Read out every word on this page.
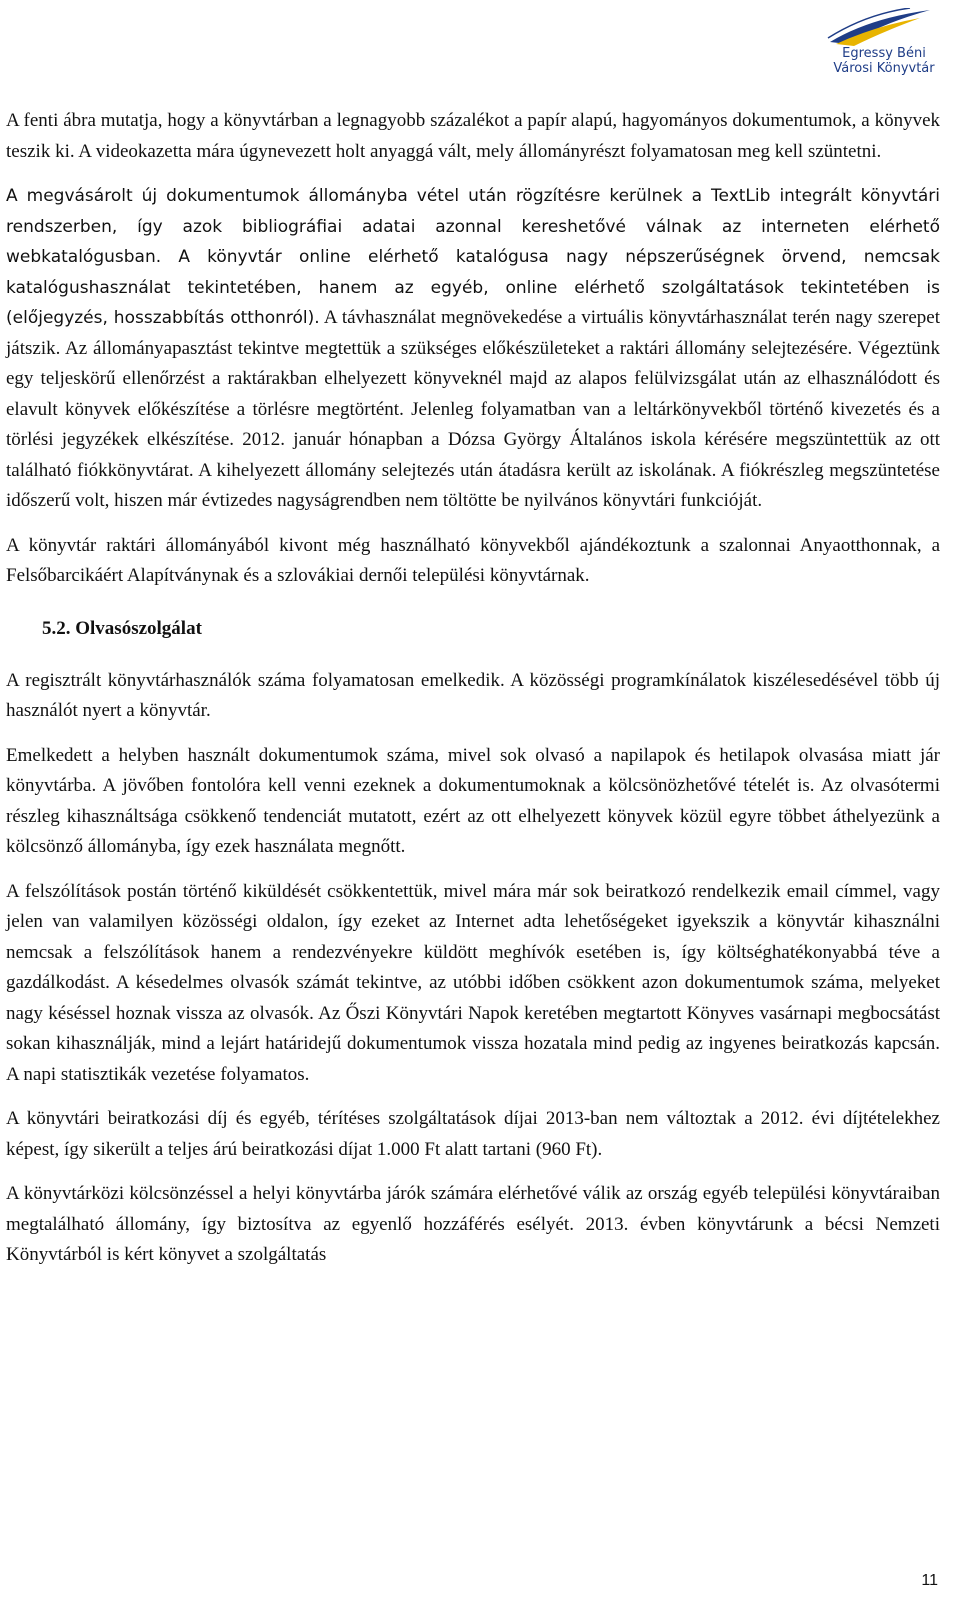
Egressy Béni
Városi Könyvtár

A fenti ábra mutatja, hogy a könyvtárban a legnagyobb százalékot a papír alapú, hagyományos dokumentumok, a könyvek teszik ki. A videokazetta mára úgynevezett holt anyaggá vált, mely állományrészt folyamatosan meg kell szüntetni.

A megvásárolt új dokumentumok állományba vétel után rögzítésre kerülnek a TextLib integrált könyvtári rendszerben, így azok bibliográfiai adatai azonnal kereshetővé válnak az interneten elérhető webkatalógusban. A könyvtár online elérhető katalógusa nagy népszerűségnek örvend, nemcsak katalógushasználat tekintetében, hanem az egyéb, online elérhető szolgáltatások tekintetében is (előjegyzés, hosszabbítás otthonról). A távhasználat megnövekedése a virtuális könyvtárhasználat terén nagy szerepet játszik. Az állományapasztást tekintve megtettük a szükséges előkészületeket a raktári állomány selejtezésére. Végeztünk egy teljeskörű ellenőrzést a raktárakban elhelyezett könyveknél majd az alapos felülvizsgálat után az elhasználódott és elavult könyvek előkészítése a törlésre megtörtént. Jelenleg folyamatban van a leltárkönyvekből történő kivezetés és a törlési jegyzékek elkészítése. 2012. január hónapban a Dózsa György Általános iskola kérésére megszüntettük az ott található fiókkönyvtárat. A kihelyezett állomány selejtezés után átadásra került az iskolának. A fiókrészleg megszüntetése időszerű volt, hiszen már évtizedes nagyságrendben nem töltötte be nyilvános könyvtári funkcióját.

A könyvtár raktári állományából kivont még használható könyvekből ajándékoztunk a szalonnai Anyaotthonnak, a Felsőbarcikáért Alapítványnak és a szlovákiai dernői települési könyvtárnak.

5.2. Olvasószolgálat

A regisztrált könyvtárhasználók száma folyamatosan emelkedik. A közösségi programkínálatok kiszélesedésével több új használót nyert a könyvtár.

Emelkedett a helyben használt dokumentumok száma, mivel sok olvasó a napilapok és hetilapok olvasása miatt jár könyvtárba. A jövőben fontolóra kell venni ezeknek a dokumentumoknak a kölcsönözhetővé tételét is. Az olvasótermi részleg kihasználtsága csökkenő tendenciát mutatott, ezért az ott elhelyezett könyvek közül egyre többet áthelyezünk a kölcsönző állományba, így ezek használata megnőtt.

A felszólítások postán történő kiküldését csökkentettük, mivel mára már sok beiratkozó rendelkezik email címmel, vagy jelen van valamilyen közösségi oldalon, így ezeket az Internet adta lehetőségeket igyekszik a könyvtár kihasználni nemcsak a felszólítások hanem a rendezvényekre küldött meghívók esetében is, így költséghatékonyabbá téve a gazdálkodást. A késedelmes olvasók számát tekintve, az utóbbi időben csökkent azon dokumentumok száma, melyeket nagy késéssel hoznak vissza az olvasók. Az Őszi Könyvtári Napok keretében megtartott Könyves vasárnapi megbocsátást sokan kihasználják, mind a lejárt határidejű dokumentumok vissza hozatala mind pedig az ingyenes beiratkozás kapcsán. A napi statisztikák vezetése folyamatos.

A könyvtári beiratkozási díj és egyéb, térítéses szolgáltatások díjai 2013-ban nem változtak a 2012. évi díjtételekhez képest, így sikerült a teljes árú beiratkozási díjat 1.000 Ft alatt tartani (960 Ft).

A könyvtárközi kölcsönzéssel a helyi könyvtárba járók számára elérhetővé válik az ország egyéb települési könyvtáraiban megtalálható állomány, így biztosítva az egyenlő hozzáférés esélyét. 2013. évben könyvtárunk a bécsi Nemzeti Könyvtárból is kért könyvet a szolgáltatás

11
